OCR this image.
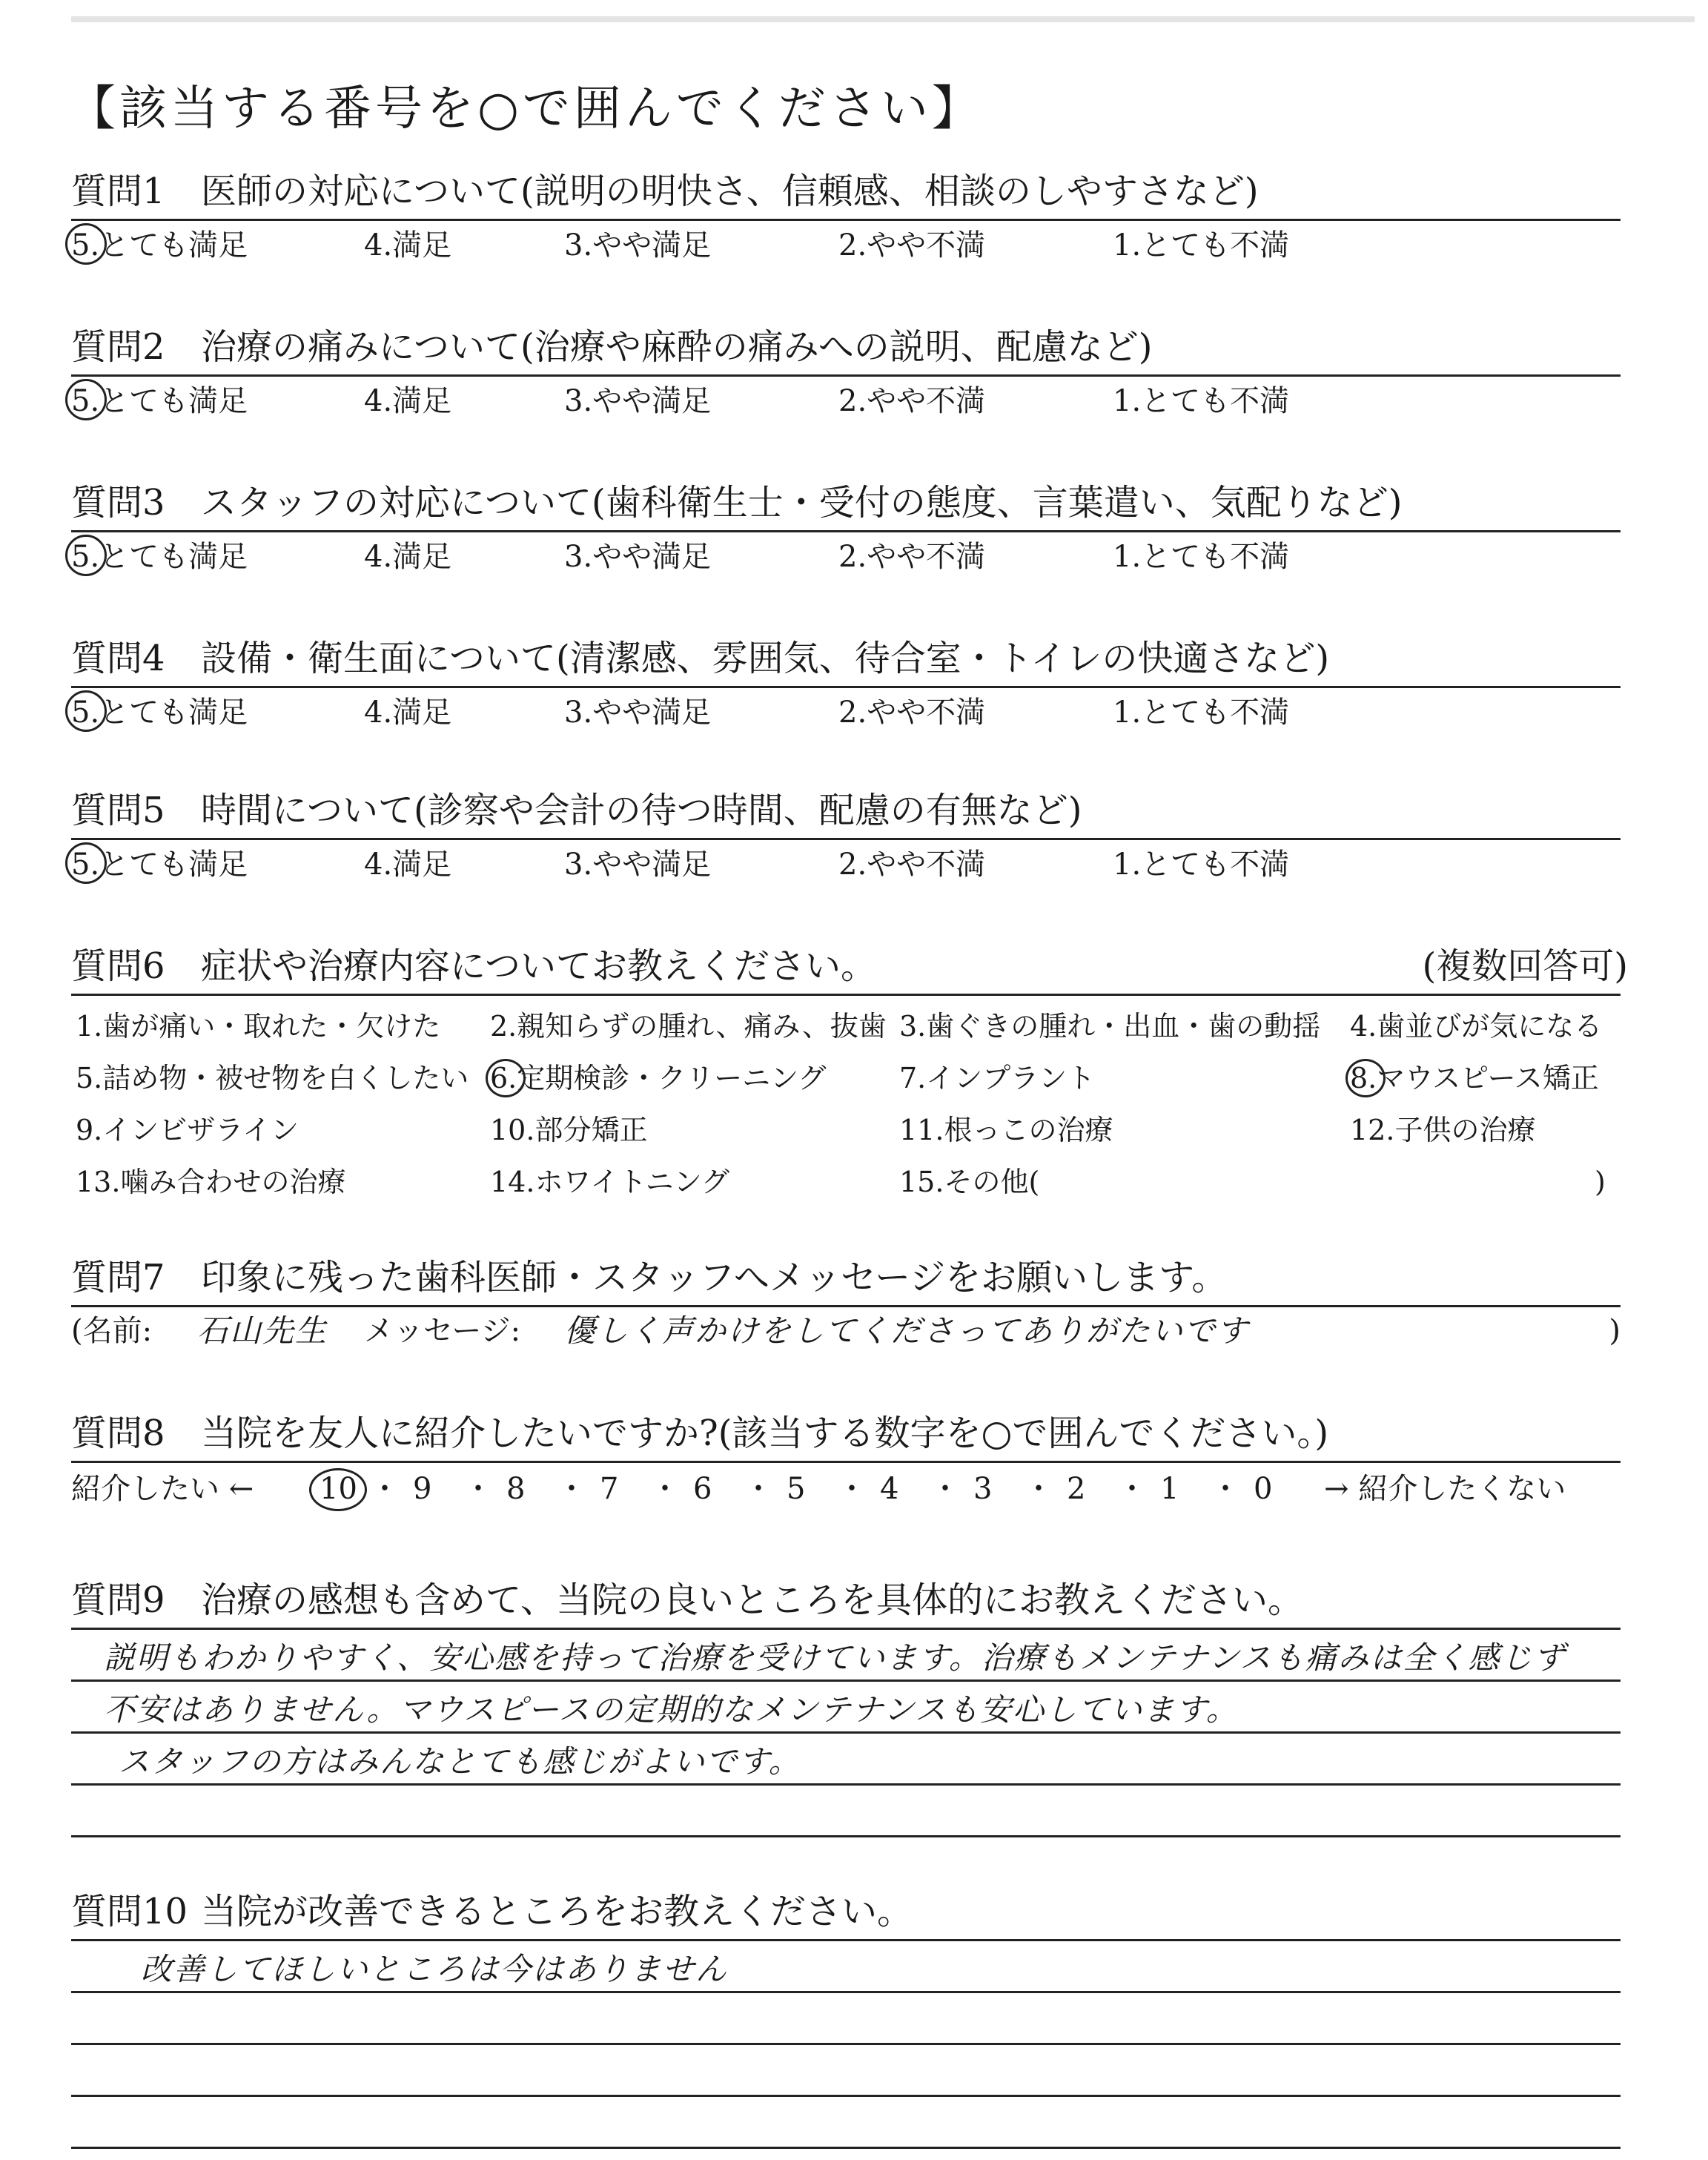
【該当する番号を○で囲んでください】
質問1 医師の対応について(説明の明快さ、信頼感、相談のしやすさなど)
5.とても満足	4.満足	3.やや満足	2.やや不満	1.とても不満
質問2 治療の痛みについて(治療や麻酔の痛みへの説明、配慮など)
5.とても満足	4.満足	3.やや満足	2.やや不満	1.とても不満
質問3 スタッフの対応について(歯科衛生士・受付の態度、言葉遣い、気配りなど)
5.とても満足	4.満足	3.やや満足	2.やや不満	1.とても不満
質問4 設備・衛生面について(清潔感、雰囲気、待合室・トイレの快適さなど)
5.とても満足	4.満足	3.やや満足	2.やや不満	1.とても不満
質問5 時間について(診察や会計の待つ時間、配慮の有無など)
5.とても満足	4.満足	3.やや満足	2.やや不満	1.とても不満
質問6 症状や治療内容についてお教えください。	(複数回答可)
1.歯が痛い・取れた・欠けた 2.親知らずの腫れ、痛み、抜歯 3.歯ぐきの腫れ・出血・歯の動揺 4.歯並びが気になる
5.詰め物・被せ物を白くしたい 6.定期検診・クリーニング	7.インプラント	8.マウスピース矯正
9.インビザライン	10.部分矯正	11.根っこの治療	12.子供の治療
13.噛み合わせの治療	14.ホワイトニング	15.その他(	)
質問7 印象に残った歯科医師・スタッフへメッセージをお願いします。
(名前: 石山先生 メッセージ: 優しく声かけをしてくださってありがたいです	)
質問8 当院を友人に紹介したいですか?(該当する数字を○で囲んでください。)
紹介したい ← 10 ・ 9 ・ 8 ・ 7 ・ 6 ・ 5 ・ 4 ・ 3 ・ 2 ・ 1 ・ 0 → 紹介したくない
質問9 治療の感想も含めて、当院の良いところを具体的にお教えください。
説明もわかりやすく、安心感を持って治療を受けています。治療もメンテナンスも痛みは全く感じず
不安はありません。マウスピースの定期的なメンテナンスも安心しています。
スタッフの方はみんなとても感じがよいです。
質問10 当院が改善できるところをお教えください。
改善してほしいところは今はありません
